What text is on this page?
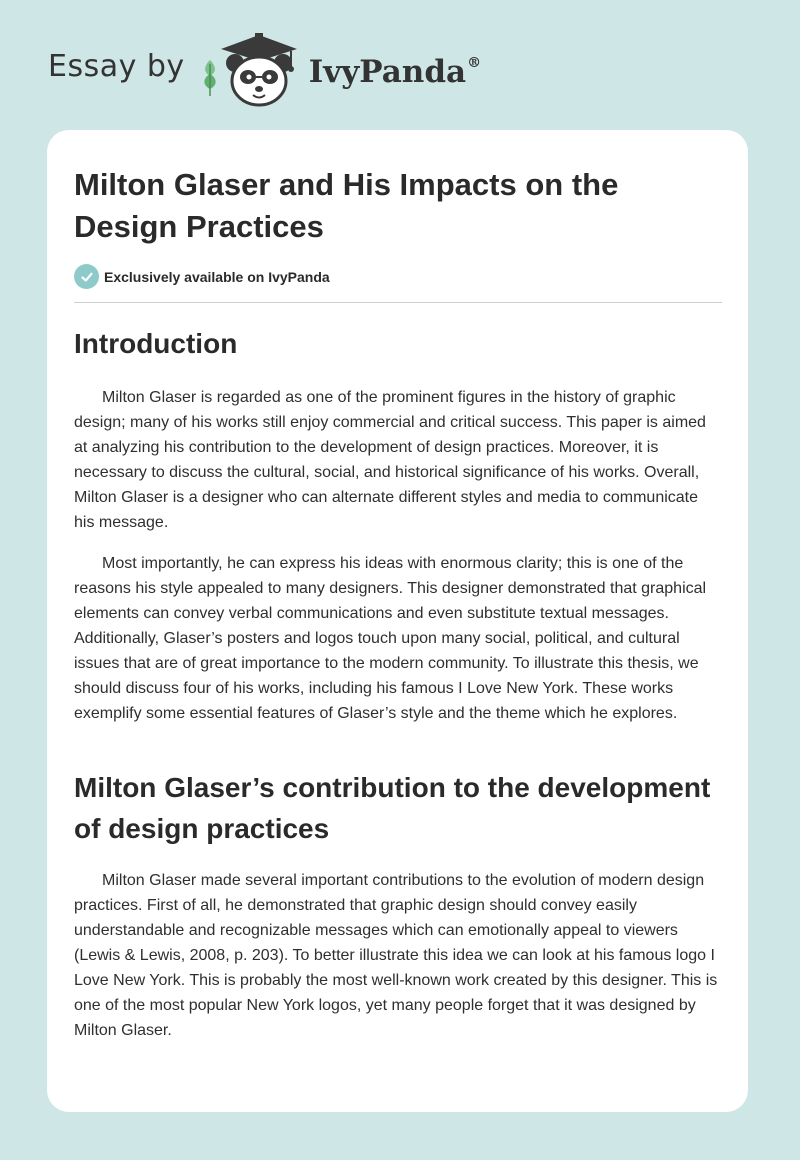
Essay by	IvyPanda®
Milton Glaser and His Impacts on the Design Practices
Exclusively available on IvyPanda
Introduction

Milton Glaser is regarded as one of the prominent figures in the history of graphic design; many of his works still enjoy commercial and critical success. This paper is aimed at analyzing his contribution to the development of design practices. Moreover, it is necessary to discuss the cultural, social, and historical significance of his works. Overall, Milton Glaser is a designer who can alternate different styles and media to communicate his message.

Most importantly, he can express his ideas with enormous clarity; this is one of the reasons his style appealed to many designers. This designer demonstrated that graphical elements can convey verbal communications and even substitute textual messages. Additionally, Glaser’s posters and logos touch upon many social, political, and cultural issues that are of great importance to the modern community. To illustrate this thesis, we should discuss four of his works, including his famous I Love New York. These works exemplify some essential features of Glaser’s style and the theme which he explores.

Milton Glaser’s contribution to the development of design practices

Milton Glaser made several important contributions to the evolution of modern design practices. First of all, he demonstrated that graphic design should convey easily understandable and recognizable messages which can emotionally appeal to viewers (Lewis & Lewis, 2008, p. 203). To better illustrate this idea we can look at his famous logo I Love New York. This is probably the most well-known work created by this designer. This is one of the most popular New York logos, yet many people forget that it was designed by Milton Glaser.
